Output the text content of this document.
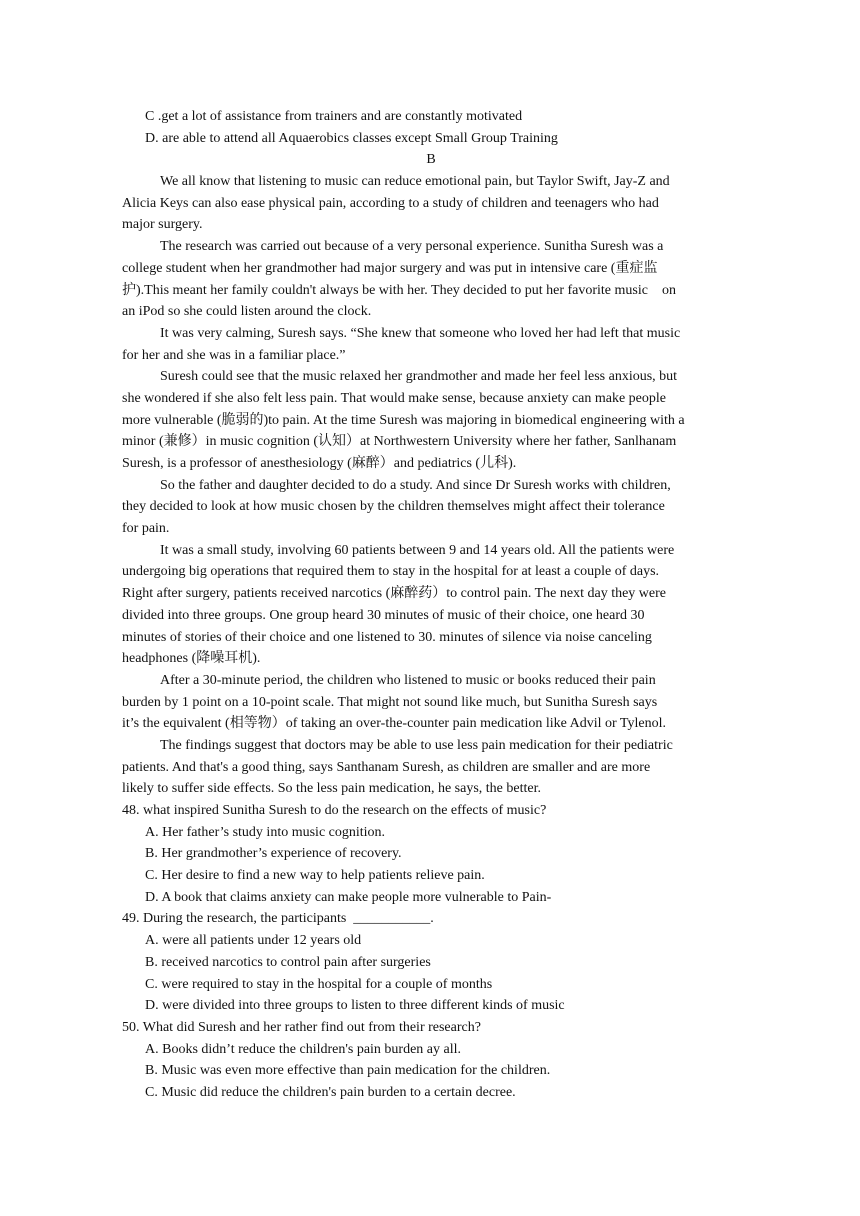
C .get a lot of assistance from trainers and are constantly motivated
D. are able to attend all Aquaerobics classes except Small Group Training
B
We all know that listening to music can reduce emotional pain, but Taylor Swift, Jay-Z and
Alicia Keys can also ease physical pain, according to a study of children and teenagers who had
major surgery.
The research was carried out because of a very personal experience. Sunitha Suresh was a
college student when her grandmother had major surgery and was put in intensive care (重症监
护).This meant her family couldn't always be with her. They decided to put her favorite music    on
an iPod so she could listen around the clock.
It was very calming, Suresh says. “She knew that someone who loved her had left that music
for her and she was in a familiar place.”
Suresh could see that the music relaxed her grandmother and made her feel less anxious, but
she wondered if she also felt less pain. That would make sense, because anxiety can make people
more vulnerable (脆弱的)to pain. At the time Suresh was majoring in biomedical engineering with a
minor (兼修）in music cognition (认知）at Northwestern University where her father, Sanlhanam
Suresh, is a professor of anesthesiology (麻醉）and pediatrics (儿科).
So the father and daughter decided to do a study. And since Dr Suresh works with children,
they decided to look at how music chosen by the children themselves might affect their tolerance
for pain.
It was a small study, involving 60 patients between 9 and 14 years old. All the patients were
undergoing big operations that required them to stay in the hospital for at least a couple of days.
Right after surgery, patients received narcotics (麻醉药）to control pain. The next day they were
divided into three groups. One group heard 30 minutes of music of their choice, one heard 30
minutes of stories of their choice and one listened to 30. minutes of silence via noise canceling
headphones (降噪耳机).
After a 30-minute period, the children who listened to music or books reduced their pain
burden by 1 point on a 10-point scale. That might not sound like much, but Sunitha Suresh says
it’s the equivalent (相等物）of taking an over-the-counter pain medication like Advil or Tylenol.
The findings suggest that doctors may be able to use less pain medication for their pediatric
patients. And that's a good thing, says Santhanam Suresh, as children are smaller and are more
likely to suffer side effects. So the less pain medication, he says, the better.
48. what inspired Sunitha Suresh to do the research on the effects of music?
A. Her father’s study into music cognition.
B. Her grandmother’s experience of recovery.
C. Her desire to find a new way to help patients relieve pain.
D. A book that claims anxiety can make people more vulnerable to Pain-
49. During the research, the participants  ___________.
A. were all patients under 12 years old
B. received narcotics to control pain after surgeries
C. were required to stay in the hospital for a couple of months
D. were divided into three groups to listen to three different kinds of music
50. What did Suresh and her rather find out from their research?
A. Books didn’t reduce the children's pain burden ay all.
B. Music was even more effective than pain medication for the children.
C. Music did reduce the children's pain burden to a certain decree.
